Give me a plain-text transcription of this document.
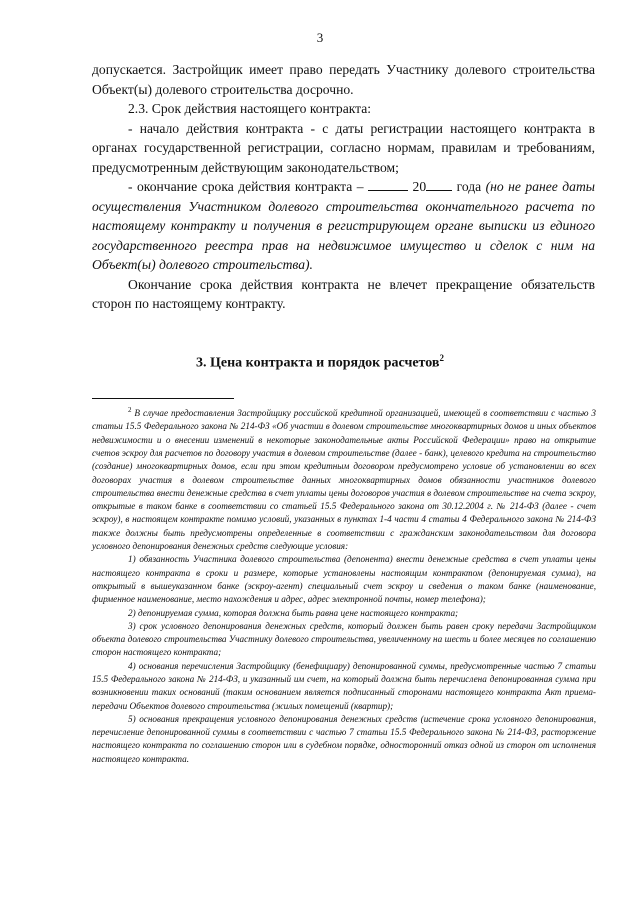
3

допускается. Застройщик имеет право передать Участнику долевого строительства Объект(ы) долевого строительства досрочно.

2.3. Срок действия настоящего контракта:

- начало действия контракта - с даты регистрации настоящего контракта в органах государственной регистрации, согласно нормам, правилам и требованиям, предусмотренным действующим законодательством;

- окончание срока действия контракта –	20 года (но не ранее даты осуществления Участником долевого строительства окончательного расчета по настоящему контракту и получения в регистрирующем органе выписки из единого государственного реестра прав на недвижимое имущество и сделок с ним на Объект(ы) долевого строительства).

Окончание срока действия контракта не влечет прекращение обязательств сторон по настоящему контракту.

3. Цена контракта и порядок расчетов$^2$

$^2$ В случае предоставления Застройщику российской кредитной организацией, имеющей в соответствии с частью 3 статьи 15.5 Федерального закона № 214-ФЗ «Об участии в долевом строительстве многоквартирных домов и иных объектов недвижимости и о внесении изменений в некоторые законодательные акты Российской Федерации» право на открытие счетов эскроу для расчетов по договору участия в долевом строительстве (далее - банк), целевого кредита на строительство (создание) многоквартирных домов, если при этом кредитным договором предусмотрено условие об установлении во всех договорах участия в долевом строительстве данных многоквартирных домов обязанности участников долевого строительства внести денежные средства в счет уплаты цены договоров участия в долевом строительстве на счета эскроу, открытые в таком банке в соответствии со статьей 15.5 Федерального закона от 30.12.2004 г. № 214-ФЗ (далее - счет эскроу), в настоящем контракте помимо условий, указанных в пунктах 1-4 части 4 статьи 4 Федерального закона № 214-ФЗ также должны быть предусмотрены определенные в соответствии с гражданским законодательством для договора условного депонирования денежных средств следующие условия:

1) обязанность Участника долевого строительства (депонента) внести денежные средства в счет уплаты цены настоящего контракта в сроки и размере, которые установлены настоящим контрактом (депонируемая сумма), на открытый в вышеуказанном банке (эскроу-агент) специальный счет эскроу и сведения о таком банке (наименование, фирменное наименование, место нахождения и адрес, адрес электронной почты, номер телефона);

2) депонируемая сумма, которая должна быть равна цене настоящего контракта;

3) срок условного депонирования денежных средств, который должен быть равен сроку передачи Застройщиком объекта долевого строительства Участнику долевого строительства, увеличенному на шесть и более месяцев по соглашению сторон настоящего контракта;

4) основания перечисления Застройщику (бенефициару) депонированной суммы, предусмотренные частью 7 статьи 15.5 Федерального закона № 214-ФЗ, и указанный им счет, на который должна быть перечислена депонированная сумма при возникновении таких оснований (таким основанием является подписанный сторонами настоящего контракта Акт приема-передачи Объектов долевого строительства (жилых помещений (квартир);

5) основания прекращения условного депонирования денежных средств (истечение срока условного депонирования, перечисление депонированной суммы в соответствии с частью 7 статьи 15.5 Федерального закона № 214-ФЗ, расторжение настоящего контракта по соглашению сторон или в судебном порядке, односторонний отказ одной из сторон от исполнения настоящего контракта.
